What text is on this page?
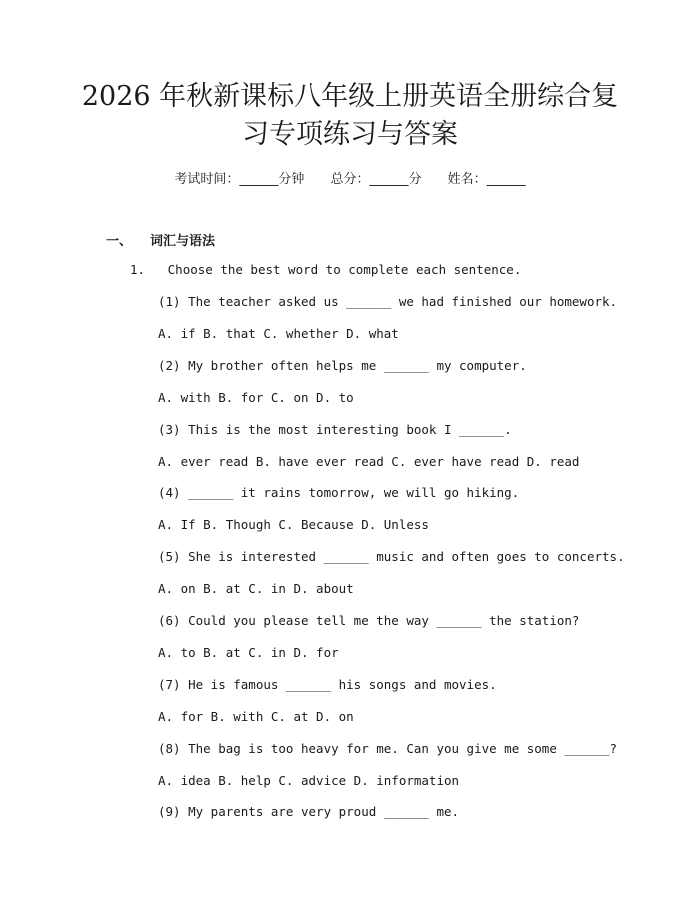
2026 年秋新课标八年级上册英语全册综合复
习专项练习与答案
考试时间：______分钟 总分：______分 姓名：______
一、 词汇与语法
1. Choose the best word to complete each sentence.
(1) The teacher asked us ______ we had finished our homework.
A. if B. that C. whether D. what
(2) My brother often helps me ______ my computer.
A. with B. for C. on D. to
(3) This is the most interesting book I ______.
A. ever read B. have ever read C. ever have read D. read
(4) ______ it rains tomorrow, we will go hiking.
A. If B. Though C. Because D. Unless
(5) She is interested ______ music and often goes to concerts.
A. on B. at C. in D. about
(6) Could you please tell me the way ______ the station?
A. to B. at C. in D. for
(7) He is famous ______ his songs and movies.
A. for B. with C. at D. on
(8) The bag is too heavy for me. Can you give me some ______?
A. idea B. help C. advice D. information
(9) My parents are very proud ______ me.
